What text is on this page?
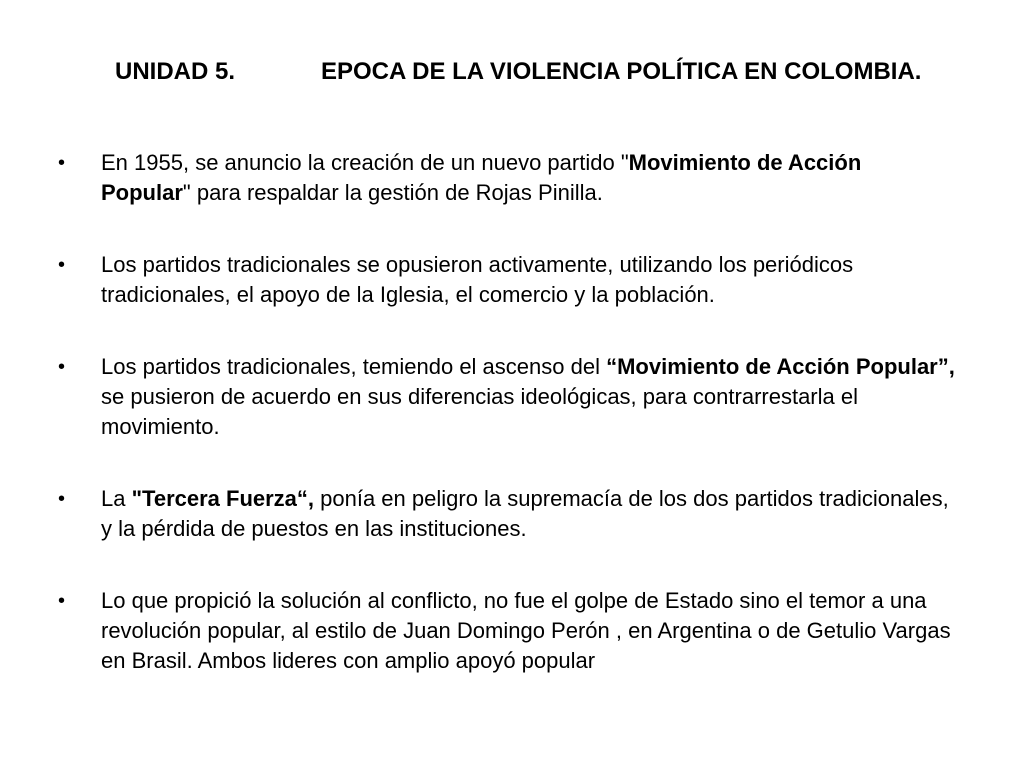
UNIDAD 5.	EPOCA DE LA VIOLENCIA POLÍTICA EN COLOMBIA.
• En 1955, se anuncio la creación de un nuevo partido "Movimiento de Acción Popular" para respaldar la gestión de Rojas Pinilla.
• Los partidos tradicionales se opusieron activamente, utilizando los periódicos tradicionales, el apoyo de la Iglesia, el comercio y la población.
• Los partidos tradicionales, temiendo el ascenso del “Movimiento de Acción Popular”, se pusieron de acuerdo en sus diferencias ideológicas, para contrarrestarla el movimiento.
• La "Tercera Fuerza“, ponía en peligro la supremacía de los dos partidos tradicionales, y la pérdida de puestos en las instituciones.
• Lo que propició la solución al conflicto, no fue el golpe de Estado sino el temor a una revolución popular, al estilo de Juan Domingo Perón , en Argentina o de Getulio Vargas en Brasil. Ambos lideres con amplio apoyó popular
